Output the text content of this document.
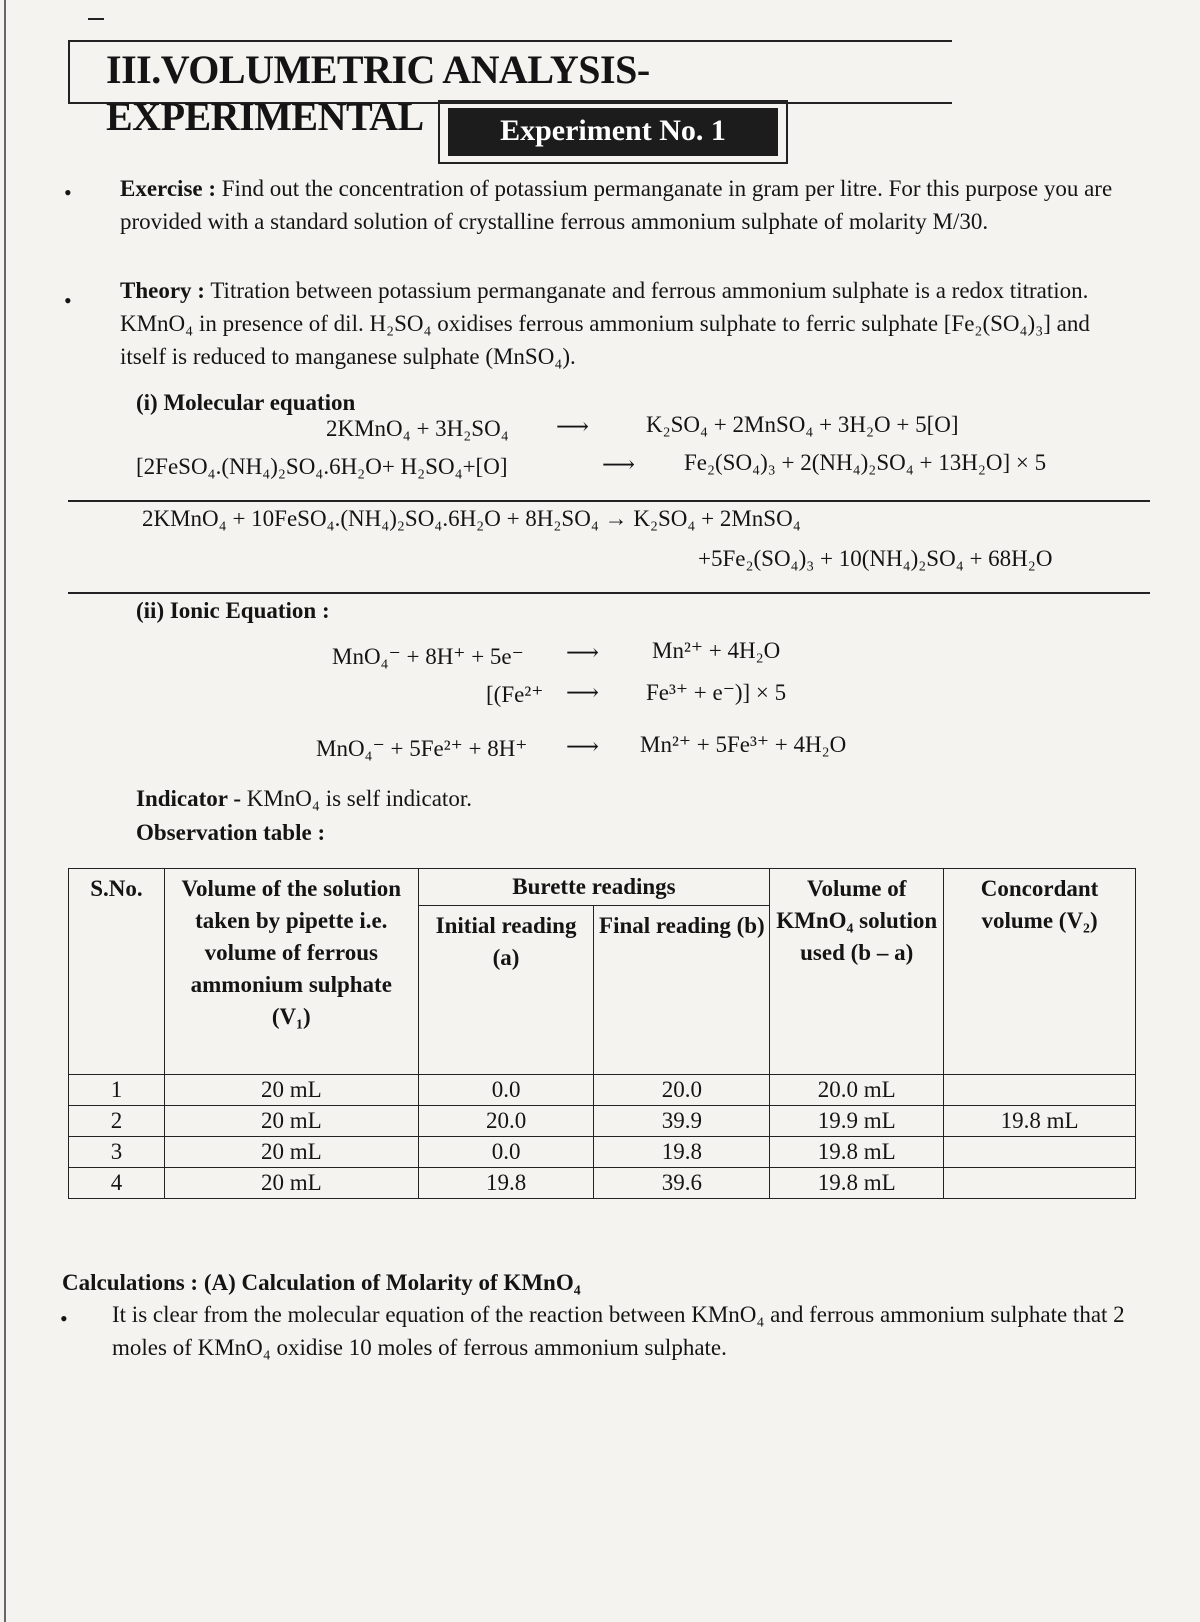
III.VOLUMETRIC ANALYSIS-EXPERIMENTAL	Experiment No. 1
• Exercise : Find out the concentration of potassium permanganate in gram per litre. For this purpose you are provided with a standard solution of crystalline ferrous ammonium sulphate of molarity M/30.
• Theory : Titration between potassium permanganate and ferrous ammonium sulphate is a redox titration. KMnO₄ in presence of dil. H₂SO₄ oxidises ferrous ammonium sulphate to ferric sulphate [Fe₂(SO₄)₃] and itself is reduced to manganese sulphate (MnSO₄).
(i) Molecular equation
2KMnO₄ + 3H₂SO₄ ⟶ K₂SO₄ + 2MnSO₄ + 3H₂O + 5[O]
[2FeSO₄.(NH₄)₂SO₄.6H₂O+ H₂SO₄+[O]	⟶ Fe₂(SO₄)₃ + 2(NH₄)₂SO₄ + 13H₂O] × 5
2KMnO₄ + 10FeSO₄.(NH₄)₂SO₄.6H₂O + 8H₂SO₄ → K₂SO₄ + 2MnSO₄
+5Fe₂(SO₄)₃ + 10(NH₄)₂SO₄ + 68H₂O
(ii) Ionic Equation :
MnO₄⁻ + 8H⁺ + 5e⁻ ⟶ Mn²⁺ + 4H₂O
[(Fe²⁺ ⟶ Fe³⁺ + e⁻)] × 5
MnO₄⁻ + 5Fe²⁺ + 8H⁺ ⟶ Mn²⁺ + 5Fe³⁺ + 4H₂O
Indicator - KMnO₄ is self indicator.
Observation table :
S.No.	Volume of the solution taken by pipette i.e. volume of ferrous ammonium sulphate (V₁)	Burette readings		Volume of KMnO₄ solution used (b – a)	Concordant volume (V₂)
		Initial reading (a)	Final reading (b)		
1	20 mL	0.0	20.0	20.0 mL	
2	20 mL	20.0	39.9	19.9 mL	19.8 mL
3	20 mL	0.0	19.8	19.8 mL	
4	20 mL	19.8	39.6	19.8 mL	
Calculations : (A) Calculation of Molarity of KMnO₄
• It is clear from the molecular equation of the reaction between KMnO₄ and ferrous ammonium sulphate that 2 moles of KMnO₄ oxidise 10 moles of ferrous ammonium sulphate.
